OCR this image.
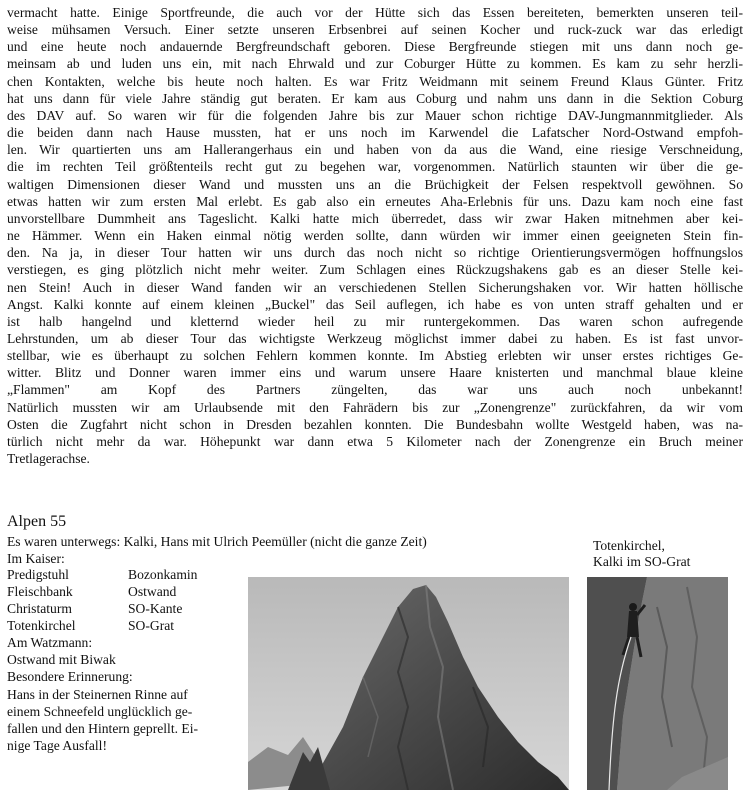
vermacht hatte. Einige Sportfreunde, die auch vor der Hütte sich das Essen bereiteten, bemerkten unseren teil-
weise mühsamen Versuch. Einer setzte unseren Erbsenbrei auf seinen Kocher und ruck-zuck war das erledigt
und eine heute noch andauernde Bergfreundschaft geboren. Diese Bergfreunde stiegen mit uns dann noch ge-
meinsam ab und luden uns ein, mit nach Ehrwald und zur Coburger Hütte zu kommen. Es kam zu sehr herzli-
chen Kontakten, welche bis heute noch halten. Es war Fritz Weidmann mit seinem Freund Klaus Günter. Fritz
hat uns dann für viele Jahre ständig gut beraten. Er kam aus Coburg und nahm uns dann in die Sektion Coburg
des DAV auf. So waren wir für die folgenden Jahre bis zur Mauer schon richtige DAV-Jungmannmitglieder. Als
die beiden dann nach Hause mussten, hat er uns noch im Karwendel die Lafatscher Nord-Ostwand empfoh-
len. Wir quartierten uns am Hallerangerhaus ein und haben von da aus die Wand, eine riesige Verschneidung,
die im rechten Teil größtenteils recht gut zu begehen war, vorgenommen. Natürlich staunten wir über die ge-
waltigen Dimensionen dieser Wand und mussten uns an die Brüchigkeit der Felsen respektvoll gewöhnen. So
etwas hatten wir zum ersten Mal erlebt. Es gab also ein erneutes Aha-Erlebnis für uns. Dazu kam noch eine fast
unvorstellbare Dummheit ans Tageslicht. Kalki hatte mich überredet, dass wir zwar Haken mitnehmen aber kei-
ne Hämmer. Wenn ein Haken einmal nötig werden sollte, dann würden wir immer einen geeigneten Stein fin-
den. Na ja, in dieser Tour hatten wir uns durch das noch nicht so richtige Orientierungsvermögen hoffnungslos
verstiegen, es ging plötzlich nicht mehr weiter. Zum Schlagen eines Rückzugshakens gab es an dieser Stelle kei-
nen Stein! Auch in dieser Wand fanden wir an verschiedenen Stellen Sicherungshaken vor. Wir hatten höllische
Angst. Kalki konnte auf einem kleinen „Buckel" das Seil auflegen, ich habe es von unten straff gehalten und er
ist halb hangelnd und kletternd wieder heil zu mir runtergekommen. Das waren schon aufregende
Lehrstunden, um ab dieser Tour das wichtigste Werkzeug möglichst immer dabei zu haben. Es ist fast unvor-
stellbar, wie es überhaupt zu solchen Fehlern kommen konnte. Im Abstieg erlebten wir unser erstes richtiges Ge-
witter. Blitz und Donner waren immer eins und warum unsere Haare knisterten und manchmal blaue kleine
„Flammen" am Kopf des Partners züngelten, das war uns auch noch unbekannt!
Natürlich mussten wir am Urlaubsende mit den Fahrädern bis zur „Zonengrenze" zurückfahren, da wir vom
Osten die Zugfahrt nicht schon in Dresden bezahlen konnten. Die Bundesbahn wollte Westgeld haben, was na-
türlich nicht mehr da war. Höhepunkt war dann etwa 5 Kilometer nach der Zonengrenze ein Bruch meiner
Tretlagerachse.
Alpen 55
Es waren unterwegs: Kalki, Hans mit Ulrich Peemüller (nicht die ganze Zeit)
Im Kaiser:
Predigstuhl	Bozonkamin
Fleischbank	Ostwand
Christaturm	SO-Kante
Totenkirchel	SO-Grat
Am Watzmann:
Ostwand mit Biwak
Besondere Erinnerung:
Hans in der Steinernen Rinne auf
einem Schneefeld unglücklich ge-
fallen und den Hintern geprellt. Ei-
nige Tage Ausfall!
Totenkirchel,
Kalki im SO-Grat
